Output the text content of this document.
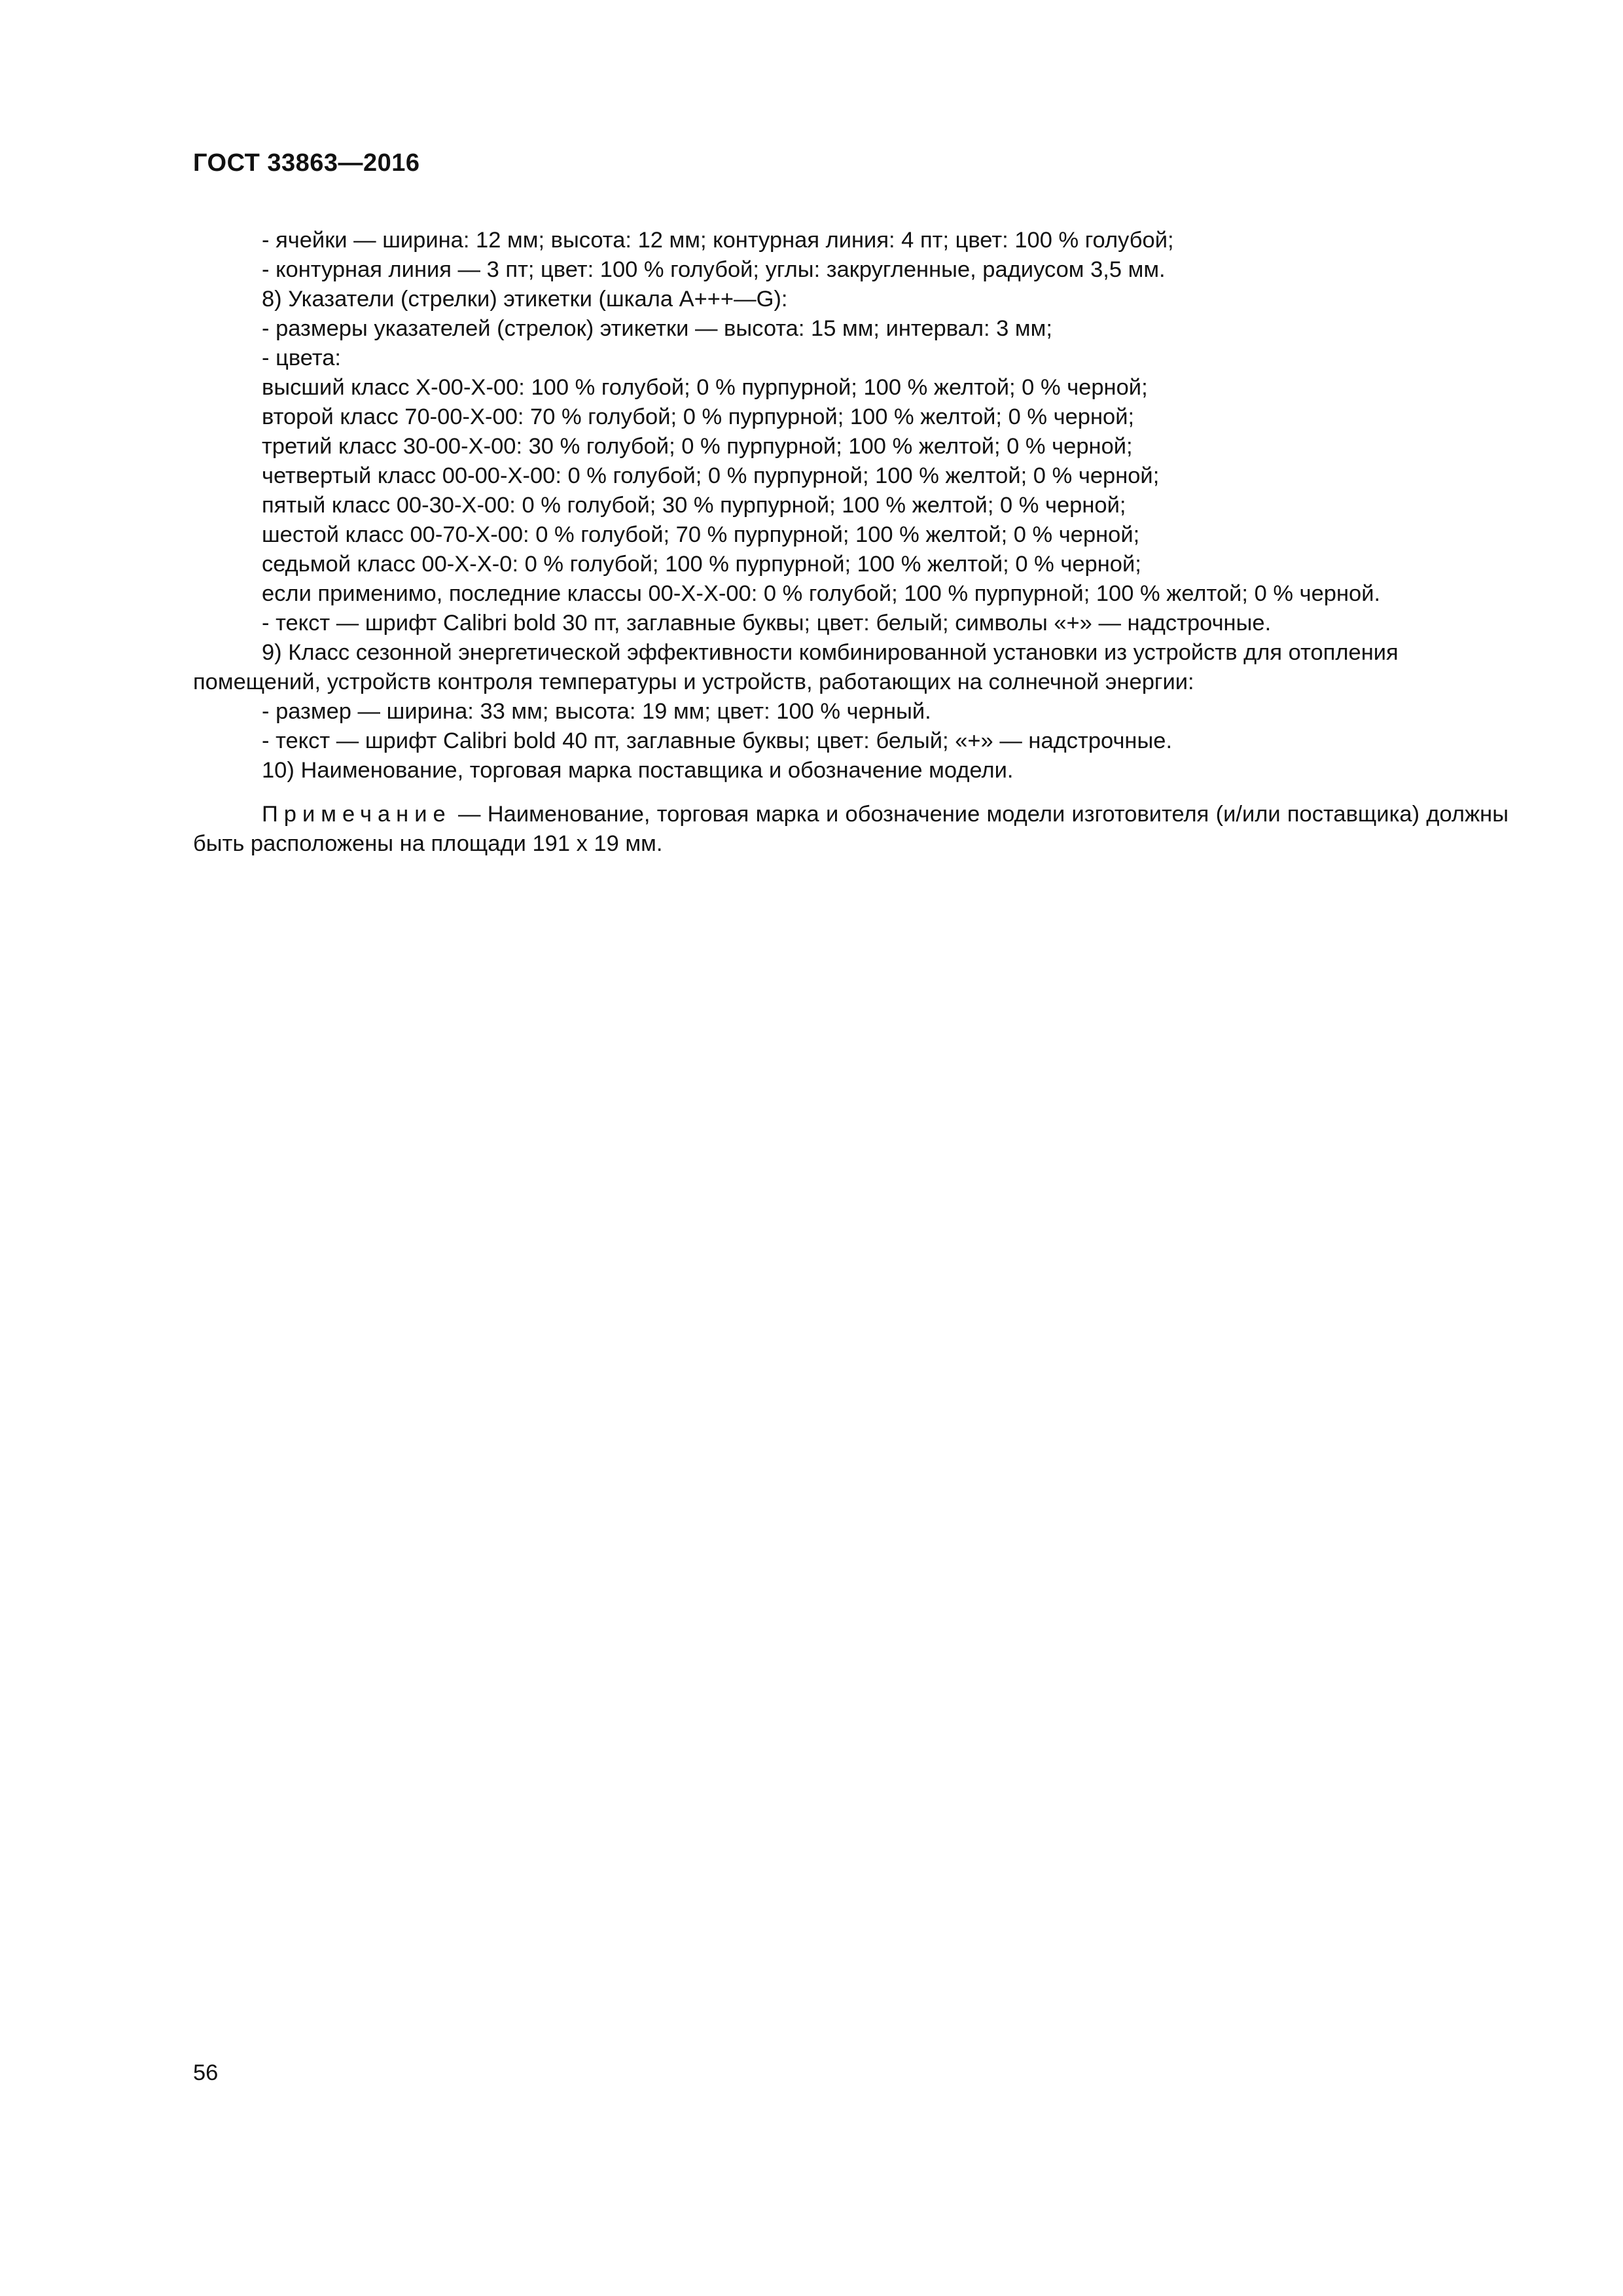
ГОСТ 33863—2016
- ячейки — ширина: 12 мм; высота: 12 мм; контурная линия: 4 пт; цвет: 100 % голубой;
- контурная линия — 3 пт; цвет: 100 % голубой; углы: закругленные, радиусом 3,5 мм.
8) Указатели (стрелки) этикетки (шкала А+++—G):
- размеры указателей (стрелок) этикетки — высота: 15 мм; интервал: 3 мм;
- цвета:
высший класс X-00-X-00: 100 % голубой; 0 % пурпурной; 100 % желтой; 0 % черной;
второй класс 70-00-X-00: 70 % голубой; 0 % пурпурной; 100 % желтой; 0 % черной;
третий класс 30-00-X-00: 30 % голубой; 0 % пурпурной; 100 % желтой; 0 % черной;
четвертый класс 00-00-X-00: 0 % голубой; 0 % пурпурной; 100 % желтой; 0 % черной;
пятый класс 00-30-X-00: 0 % голубой; 30 % пурпурной; 100 % желтой; 0 % черной;
шестой класс 00-70-X-00: 0 % голубой; 70 % пурпурной; 100 % желтой; 0 % черной;
седьмой класс 00-X-X-0: 0 % голубой; 100 % пурпурной; 100 % желтой; 0 % черной;
если применимо, последние классы 00-X-X-00: 0 % голубой; 100 % пурпурной; 100 % желтой; 0 % черной.
- текст — шрифт Calibri bold 30 пт, заглавные буквы; цвет: белый; символы «+» — надстрочные.
9) Класс сезонной энергетической эффективности комбинированной установки из устройств для отопления
помещений, устройств контроля температуры и устройств, работающих на солнечной энергии:
- размер — ширина: 33 мм; высота: 19 мм; цвет: 100 % черный.
- текст — шрифт Calibri bold 40 пт, заглавные буквы; цвет: белый; «+» — надстрочные.
10) Наименование, торговая марка поставщика и обозначение модели.
Примечание — Наименование, торговая марка и обозначение модели изготовителя (и/или поставщика) должны быть расположены на площади 191 х 19 мм.
56
